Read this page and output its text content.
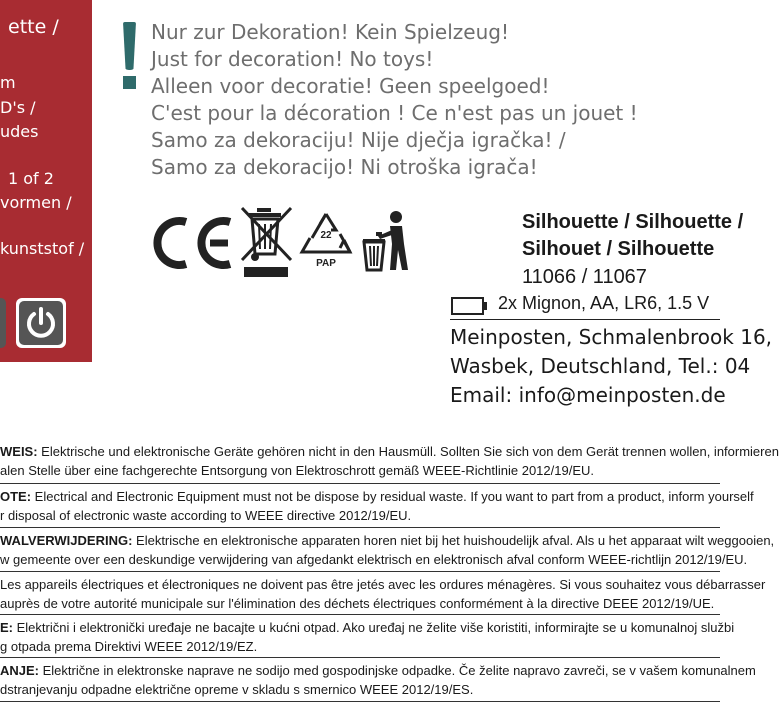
ette /
m
D's /
udes
1 of 2
vormen /
kunststof /
Nur zur Dekoration! Kein Spielzeug!
Just for decoration! No toys!
Alleen voor decoratie! Geen speelgoed!
C'est pour la décoration ! Ce n'est pas un jouet !
Samo za dekoraciju! Nije dječja igračka! /
Samo za dekoracijo! Ni otroška igrača!
22
PAP
Silhouette / Silhouette /
Silhouet / Silhouette
11066 / 11067
2x Mignon, AA, LR6, 1.5 V
Meinposten, Schmalenbrook 16,
Wasbek, Deutschland, Tel.: 04
Email: info@meinposten.de
WEIS: Elektrische und elektronische Geräte gehören nicht in den Hausmüll. Sollten Sie sich von dem Gerät trennen wollen, informieren
alen Stelle über eine fachgerechte Entsorgung von Elektroschrott gemäß WEEE-Richtlinie 2012/19/EU.
OTE: Electrical and Electronic Equipment must not be dispose by residual waste. If you want to part from a product, inform yourself
r disposal of electronic waste according to WEEE directive 2012/19/EU.
WALVERWIJDERING: Elektrische en elektronische apparaten horen niet bij het huishoudelijk afval. Als u het apparaat wilt weggooien,
w gemeente over een deskundige verwijdering van afgedankt elektrisch en elektronisch afval conform WEEE-richtlijn 2012/19/EU.
Les appareils électriques et électroniques ne doivent pas être jetés avec les ordures ménagères. Si vous souhaitez vous débarrasser
auprès de votre autorité municipale sur l'élimination des déchets électriques conformément à la directive DEEE 2012/19/UE.
E: Električni i elektronički uređaje ne bacajte u kućni otpad. Ako uređaj ne želite više koristiti, informirajte se u komunalnoj službi
g otpada prema Direktivi WEEE 2012/19/EZ.
ANJE: Električne in elektronske naprave ne sodijo med gospodinjske odpadke. Če želite napravo zavreči, se v vašem komunalnem
dstranjevanju odpadne električne opreme v skladu s smernico WEEE 2012/19/ES.
